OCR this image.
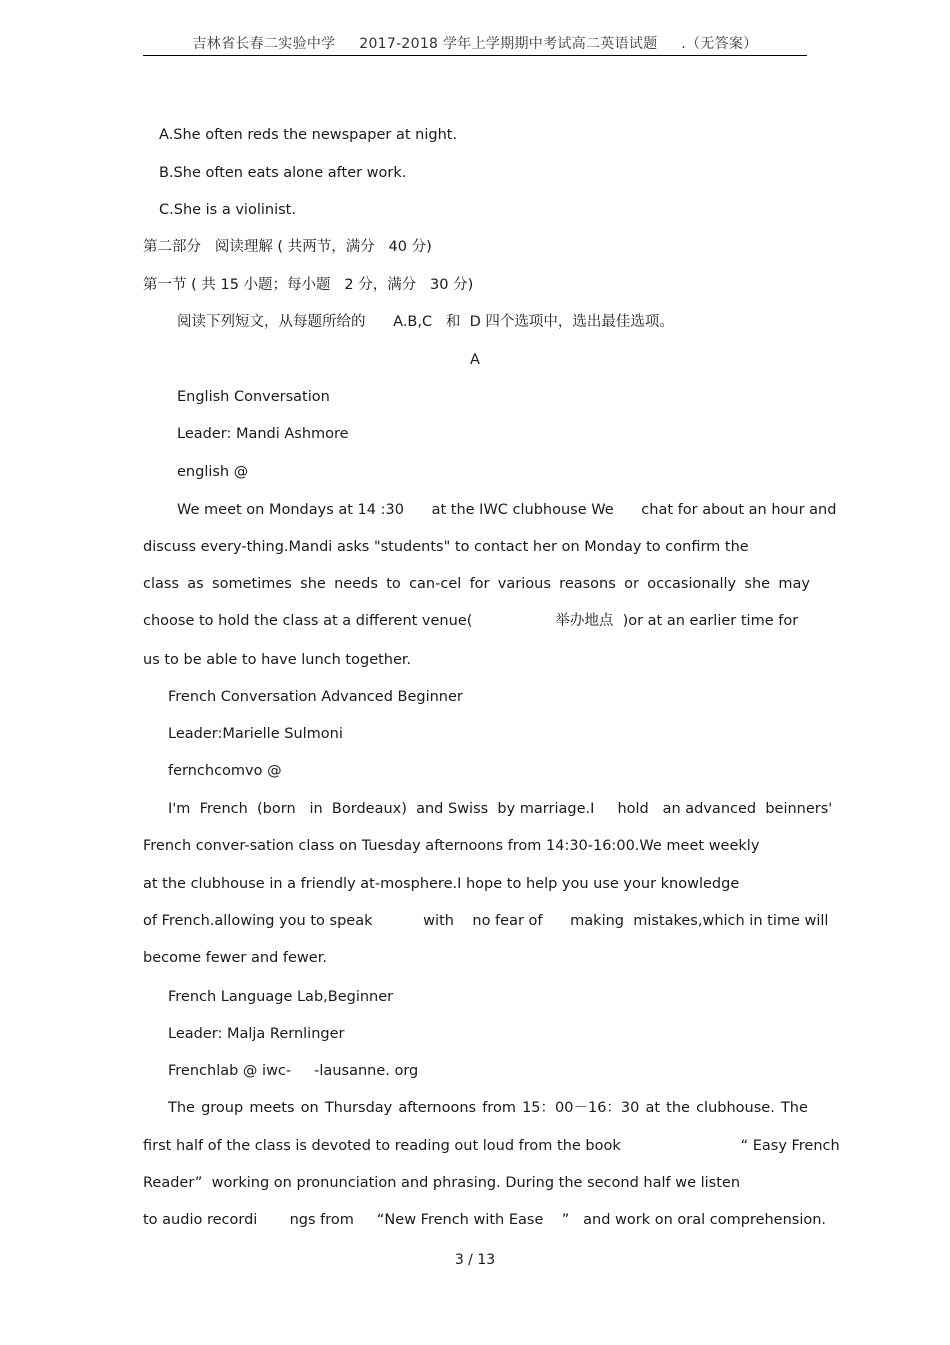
吉林省长春二实验中学     2017-2018 学年上学期期中考试高二英语试题     .（无答案）
A.She often reds the newspaper at night.
B.She often eats alone after work.
C.She is a violinist.
第二部分   阅读理解 ( 共两节，满分   40 分)
第一节 ( 共 15 小题；每小题   2 分，满分   30 分)
阅读下列短文，从每题所给的      A.B,C   和  D 四个选项中，选出最佳选项。
A
English Conversation
Leader: Mandi Ashmore
english @
We meet on Mondays at 14 :30      at the IWC clubhouse We      chat for about an hour and
discuss every-thing.Mandi asks "students" to contact her on Monday to confirm the
class as sometimes she needs to can-cel for various reasons or occasionally she may
choose to hold the class at a different venue(                  举办地点  )or at an earlier time for
us to be able to have lunch together.
French Conversation Advanced Beginner
Leader:Marielle Sulmoni
fernchcomvo @
I'm  French  (born   in  Bordeaux)  and Swiss  by marriage.I     hold   an advanced  beinners'
French conver-sation class on Tuesday afternoons from 14:30-16:00.We meet weekly
at the clubhouse in a friendly at-mosphere.I hope to help you use your knowledge
of French.allowing you to speak           with    no fear of      making  mistakes,which in time will
become fewer and fewer.
French Language Lab,Beginner
Leader: Malja Rernlinger
Frenchlab @ iwc-     -lausanne. org
The group meets on Thursday afternoons from 15：00－16：30 at the clubhouse. The
first half of the class is devoted to reading out loud from the book                          “ Easy French
Reader”  working on pronunciation and phrasing. During the second half we listen
to audio recordi       ngs from     “New French with Ease    ”   and work on oral comprehension.
3 / 13
